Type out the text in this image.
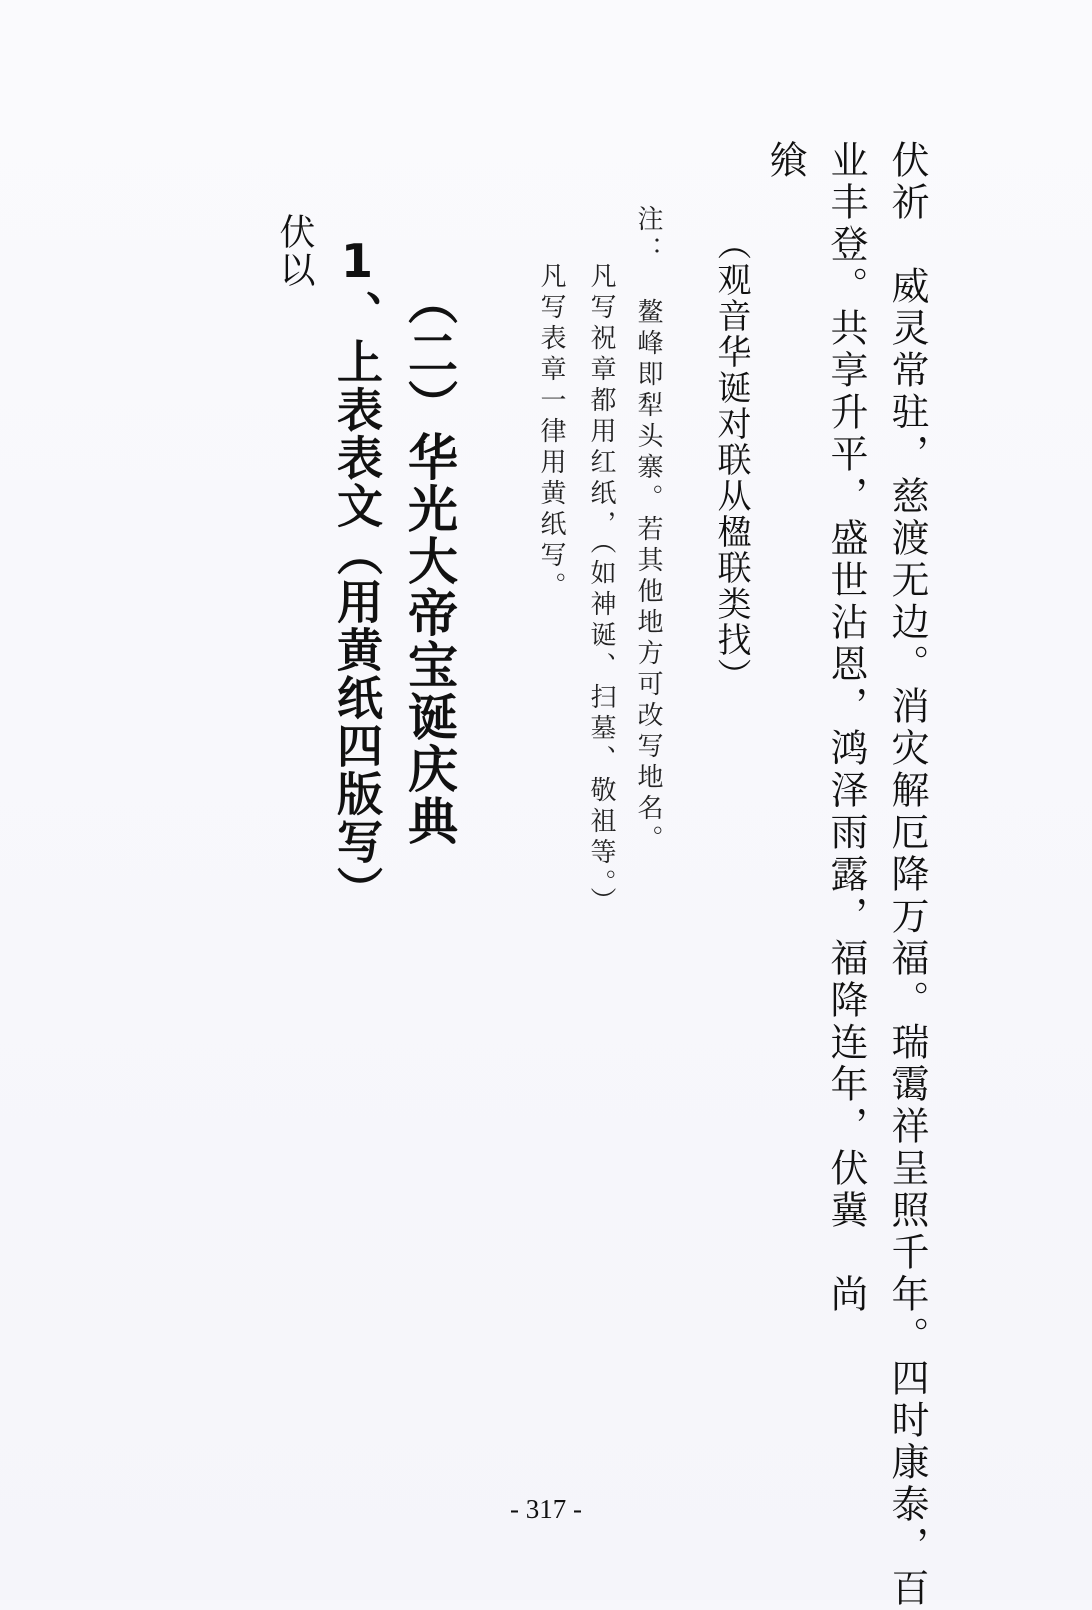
伏祈　威灵常驻，慈渡无边。消灾解厄降万福。瑞霭祥呈照千年。四时康泰，百
业丰登。共享升平，盛世沾恩，鸿泽雨露，福降连年，伏冀　尚
飨
（观音华诞对联从楹联类找）
注：　鳌峰即犁头寨。若其他地方可改写地名。
凡写祝章都用红纸，（如神诞、扫墓、敬祖等。）
凡写表章一律用黄纸写。
（二）华光大帝宝诞庆典
1、上表表文（用黄纸四版写）
伏以
- 317 -
